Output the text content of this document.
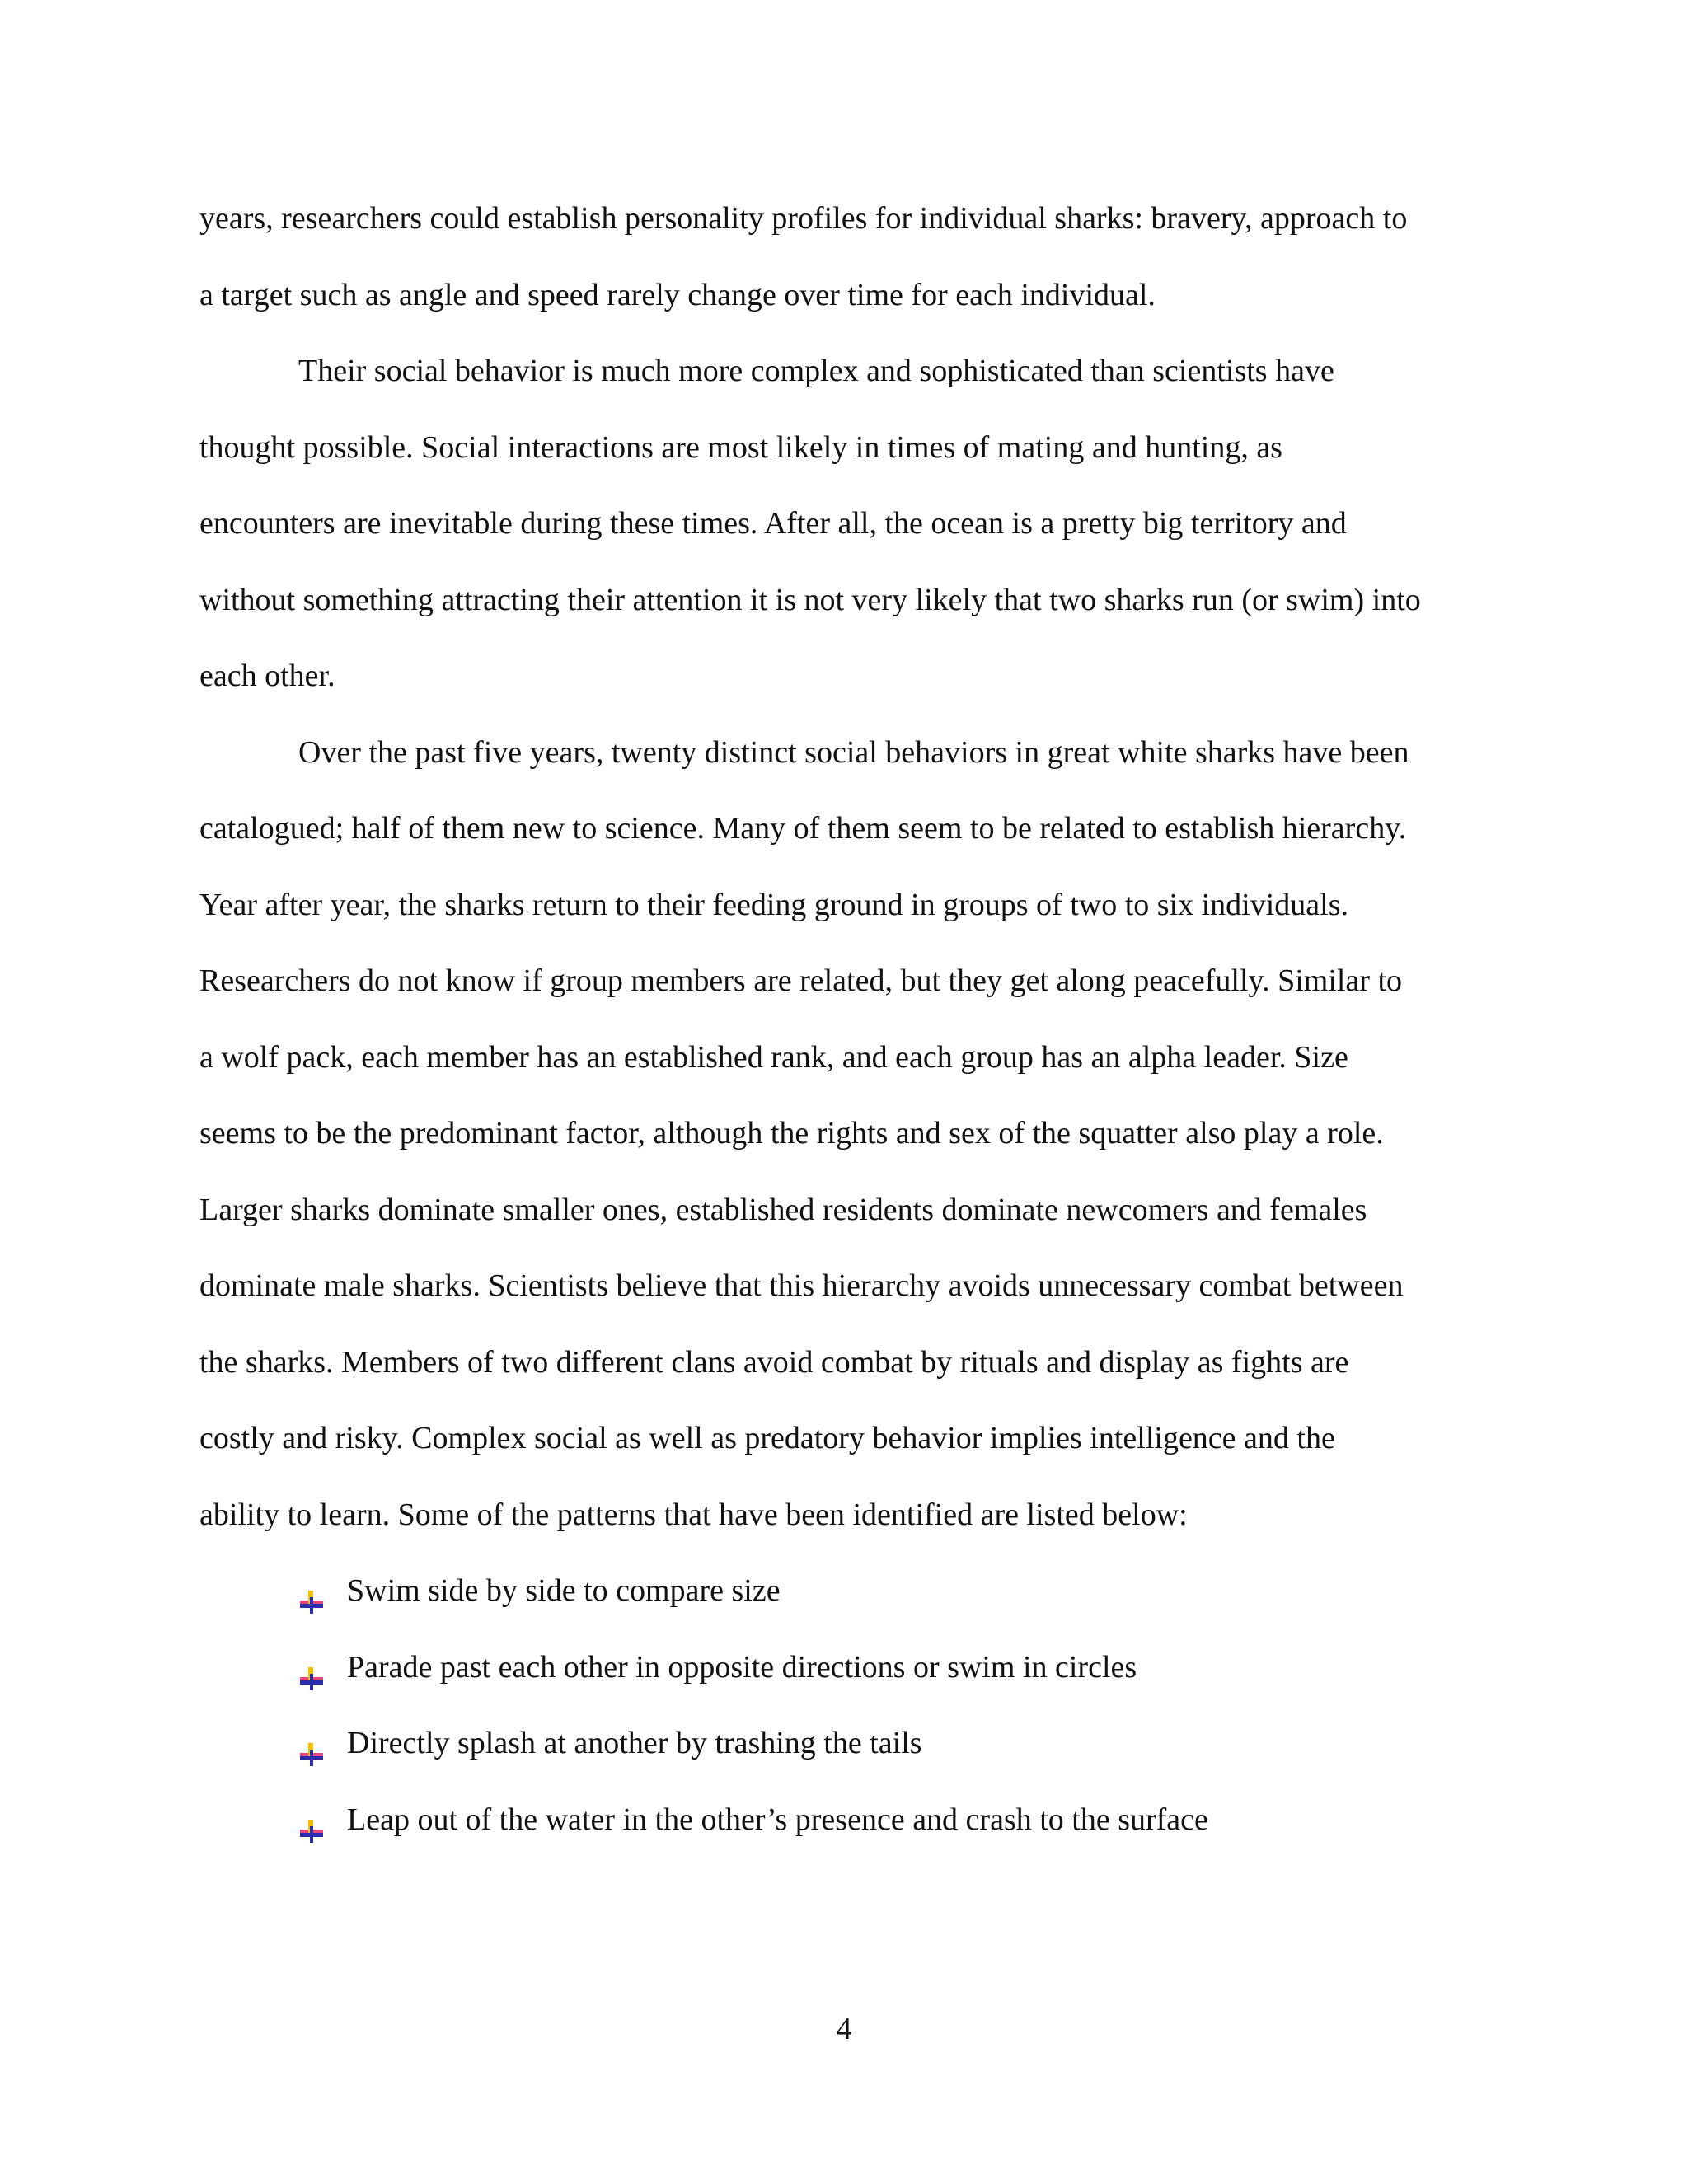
years, researchers could establish personality profiles for individual sharks: bravery, approach to
a target such as angle and speed rarely change over time for each individual.
Their social behavior is much more complex and sophisticated than scientists have
thought possible. Social interactions are most likely in times of mating and hunting, as
encounters are inevitable during these times. After all, the ocean is a pretty big territory and
without something attracting their attention it is not very likely that two sharks run (or swim) into
each other.
Over the past five years, twenty distinct social behaviors in great white sharks have been
catalogued; half of them new to science. Many of them seem to be related to establish hierarchy.
Year after year, the sharks return to their feeding ground in groups of two to six individuals.
Researchers do not know if group members are related, but they get along peacefully. Similar to
a wolf pack, each member has an established rank, and each group has an alpha leader. Size
seems to be the predominant factor, although the rights and sex of the squatter also play a role.
Larger sharks dominate smaller ones, established residents dominate newcomers and females
dominate male sharks. Scientists believe that this hierarchy avoids unnecessary combat between
the sharks. Members of two different clans avoid combat by rituals and display as fights are
costly and risky. Complex social as well as predatory behavior implies intelligence and the
ability to learn. Some of the patterns that have been identified are listed below:
Swim side by side to compare size
Parade past each other in opposite directions or swim in circles
Directly splash at another by trashing the tails
Leap out of the water in the other’s presence and crash to the surface
4
